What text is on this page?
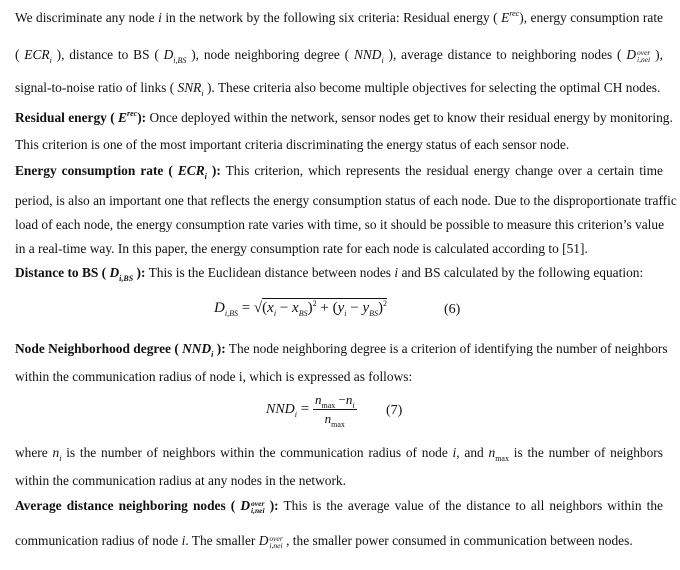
We discriminate any node i in the network by the following six criteria: Residual energy ( $E^{rec}$), energy consumption rate
( $ECR_i$ ), distance to BS ( $D_{i,BS}$ ), node neighboring degree ( $NND_i$ ), average distance to neighboring nodes ( Dover
i,nei ),
signal-to-noise ratio of links ( $SNR_i$ ). These criteria also become multiple objectives for selecting the optimal CH nodes.
Residual energy ( $E^{rec}$): Once deployed within the network, sensor nodes get to know their residual energy by monitoring.
This criterion is one of the most important criteria discriminating the energy status of each sensor node.
Energy consumption rate ( $ECR_i$ ): This criterion, which represents the residual energy change over a certain time
period, is also an important one that reflects the energy consumption status of each node. Due to the disproportionate traffic
load of each node, the energy consumption rate varies with time, so it should be possible to measure this criterion’s value
in a real-time way. In this paper, the energy consumption rate for each node is calculated according to [51].
Distance to BS ( $D_{i,BS}$ ): This is the Euclidean distance between nodes i and BS calculated by the following equation:
$D_{i,BS} = √(x_i - x_{BS})^2 + (y_i - y_{BS})^2$	(6)
Node Neighborhood degree ( $NND_i$ ): The node neighboring degree is a criterion of identifying the number of neighbors
within the communication radius of node i, which is expressed as follows:
$NND_i = \frac{n_{max} -n_i}{n_{max}} (7)$
where $n_i$ is the number of neighbors within the communication radius of node i, and $n_{max}$ is the number of neighbors
within the communication radius at any nodes in the network.
Average distance neighboring nodes ( Dover
i,nei ): This is the average value of the distance to all neighbors within the
communication radius of node i. The smaller Dover
i,nei , the smaller power consumed in communication between nodes.
